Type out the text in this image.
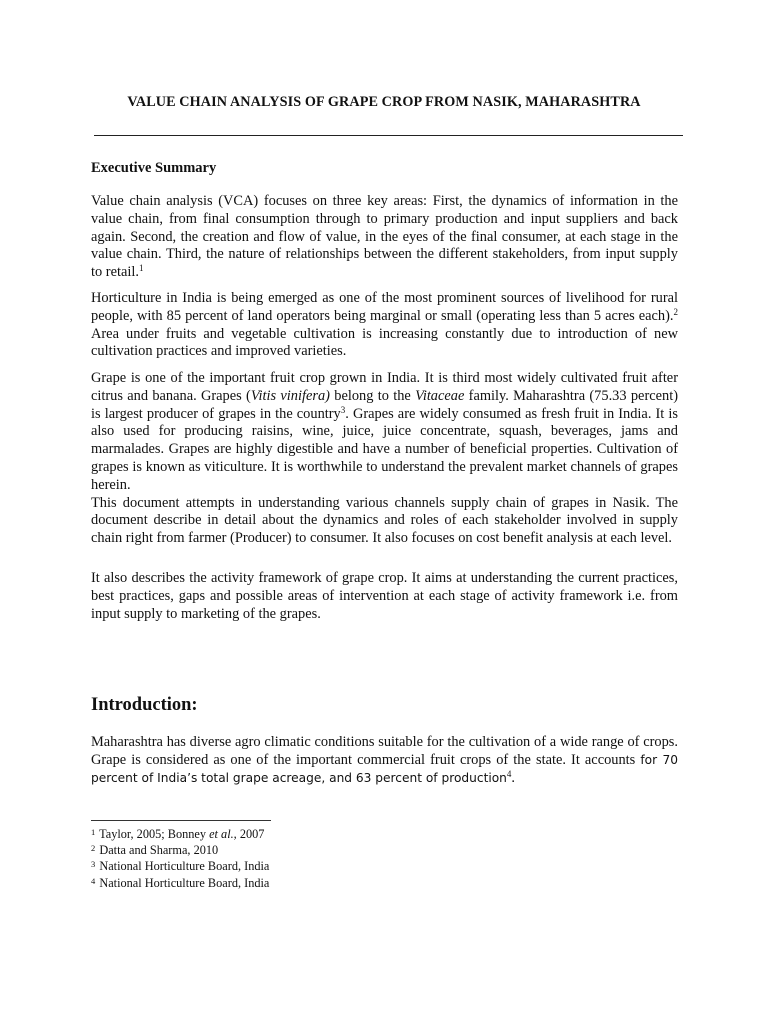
VALUE CHAIN ANALYSIS OF GRAPE CROP FROM NASIK, MAHARASHTRA
Executive Summary

Value chain analysis (VCA) focuses on three key areas: First, the dynamics of information in the value chain, from final consumption through to primary production and input suppliers and back again. Second, the creation and flow of value, in the eyes of the final consumer, at each stage in the value chain. Third, the nature of relationships between the different stakeholders, from input supply to retail.$^1$

Horticulture in India is being emerged as one of the most prominent sources of livelihood for rural people, with 85 percent of land operators being marginal or small (operating less than 5 acres each).$^2$ Area under fruits and vegetable cultivation is increasing constantly due to introduction of new cultivation practices and improved varieties.

Grape is one of the important fruit crop grown in India. It is third most widely cultivated fruit after citrus and banana. Grapes (Vitis vinifera) belong to the Vitaceae family. Maharashtra (75.33 percent) is largest producer of grapes in the country$^3$. Grapes are widely consumed as fresh fruit in India. It is also used for producing raisins, wine, juice, juice concentrate, squash, beverages, jams and marmalades. Grapes are highly digestible and have a number of beneficial properties. Cultivation of grapes is known as viticulture. It is worthwhile to understand the prevalent market channels of grapes herein.
This document attempts in understanding various channels supply chain of grapes in Nasik. The document describe in detail about the dynamics and roles of each stakeholder involved in supply chain right from farmer (Producer) to consumer. It also focuses on cost benefit analysis at each level.

It also describes the activity framework of grape crop. It aims at understanding the current practices, best practices, gaps and possible areas of intervention at each stage of activity framework i.e. from input supply to marketing of the grapes.

Introduction:

Maharashtra has diverse agro climatic conditions suitable for the cultivation of a wide range of crops. Grape is considered as one of the important commercial fruit crops of the state. It accounts for 70 percent of India’s total grape acreage, and 63 percent of production$^4$.

$^1$ Taylor, 2005; Bonney et al., 2007
$^2$ Datta and Sharma, 2010
$^3$ National Horticulture Board, India
$^4$ National Horticulture Board, India
